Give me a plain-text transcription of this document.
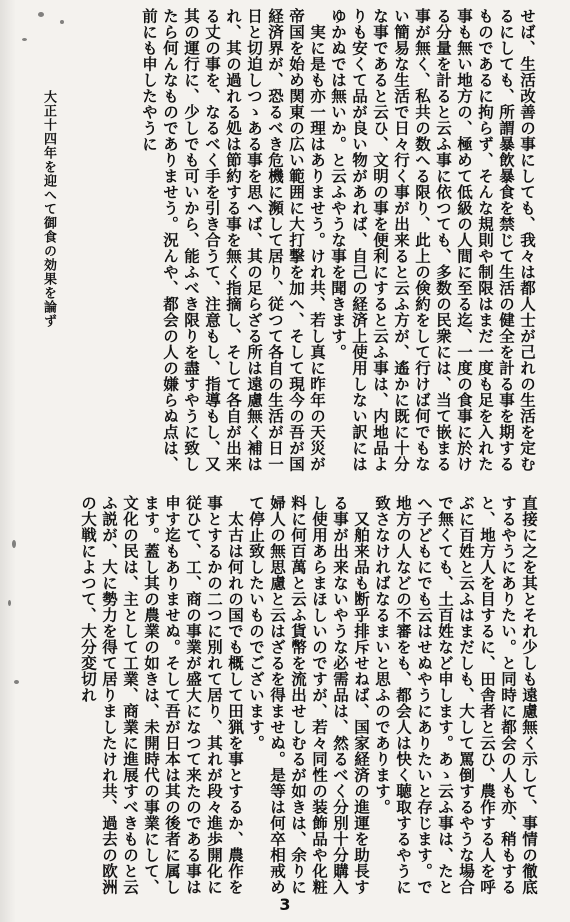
せば、生活改善の事にしても、我々は都人士が己れの生活を定むるにしても、所謂暴飲暴食を禁じて生活の健全を計る事を期するものであるに拘らず、そんな規則や制限はまだ一度も足を入れた事も無い地方の、極めて低級の人間に至る迄、一度の食事に於ける分量を計ると云ふ事に依つても、多数の民衆には、当て嵌まる事が無く、私共の数へる限り、此上の倹約をして行けば何でもない簡易な生活で日々行く事が出来ると云ふ方が、遙かに既に十分な事であると云ひ、文明の事を便利にすると云ふ事は、内地品よりも安くて品が良い物があれば、自己の経済上使用しない訳にはゆかぬでは無いか。と云ふやうな事を聞きます。
　実に是も亦一理はありませう。けれ共、若し真に昨年の天災が帝国を始め関東の広い範囲に大打撃を加へ、そして現今の吾が国経済界が、恐るべき危機に瀕して居り、従つて各自の生活が日一日と切迫しつゝある事を思へば、其の足らざる所は遠慮無く補はれ、其の過れる処は節約する事を無く指摘し、そして各自が出来る丈の事を、なるべく手を引き合うて、注意もし、指導もし、又其の運行に、少しでも可いから、能ふべき限りを盡すやうに致したら何んなものでありませう。況んや、都会の人の嫌らぬ点は、前にも申したやうに
大正十四年を迎へて御食の効果を論ず
直接に之を其とそれ少しも遠慮無く示して、事情の徹底するやうにありたい。と同時に都会の人も亦、稍もすると、地方人を目するに、田舎者と云ひ、農作する人を呼ぶに百姓と云ふはまだしも、大して罵倒するやうな場合で無くても、土百姓など申します。あゝ云ふ事は、たとへ子どもにでも云はせぬやうにありたいと存じます。で地方の人などの不審をも、都会人は快く聴取するやうに致さなければなるまいと思ふのであります。
　又舶来品も断乎排斥せねば、国家経済の進運を助長する事が出来ないやうな必需品は、然るべく分別十分購入し使用あらまほしいのですが、若々同性の装飾品や化粧料に何百萬と云ふ貨幣を流出せしむるが如きは、余りに婦人の無思慮と云はざるを得ませぬ。是等は何卒相戒めて停止致したいものでございます。
　太古は何れの国でも概して田猟を事とするか、農作を事とするかの二つに別れて居り、其れが段々進歩開化に従ひて、工、商の事業が盛大になつて来たのである事は申す迄もありませぬ。そして吾が日本は其の後者に属します。蓋し其の農業の如きは、未開時代の事業にして、文化の民は、主として工業、商業に進展すべきものと云ふ説が、大に勢力を得て居りましたけれ共、過去の欧洲の大戦によつて、大分変切れ
3
